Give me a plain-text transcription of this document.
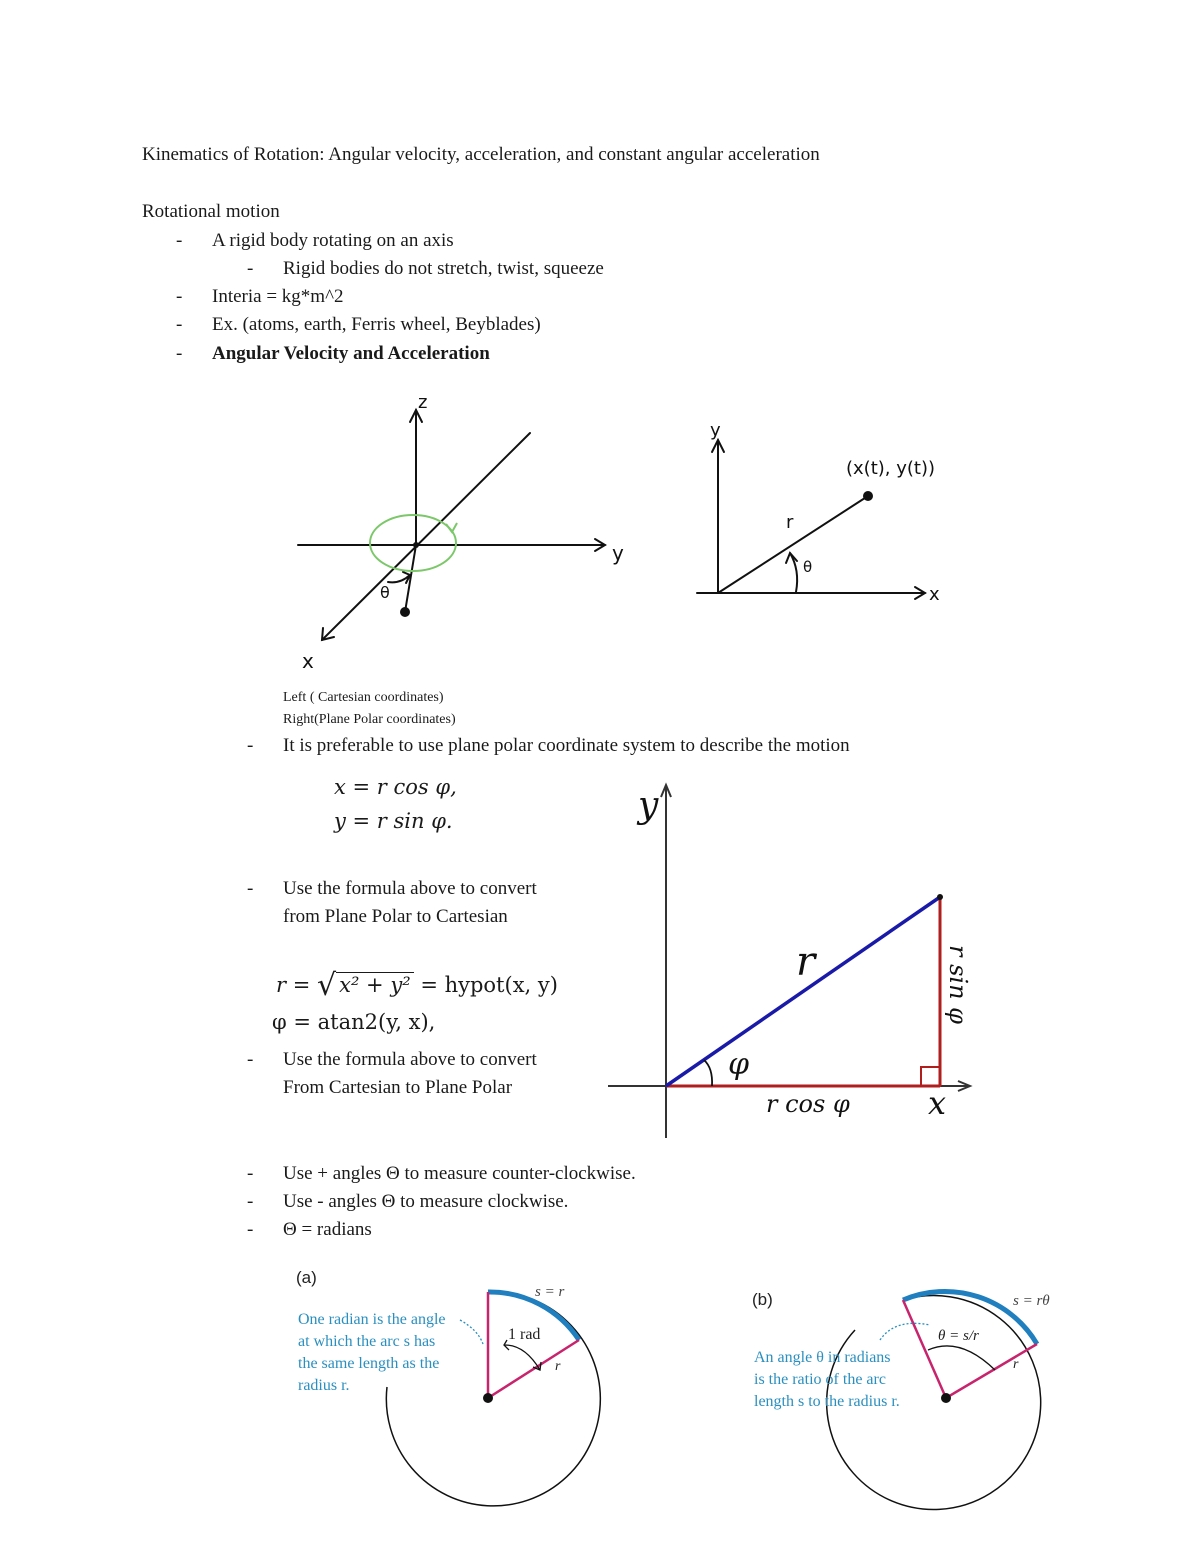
Kinematics of Rotation: Angular velocity, acceleration, and constant angular acceleration
Rotational motion
- A rigid body rotating on an axis
- Rigid bodies do not stretch, twist, squeeze
- Interia = kg*m^2
- Ex. (atoms, earth, Ferris wheel, Beyblades)
- Angular Velocity and Acceleration
z
y
x
θ
y
x
(x(t), y(t))
r
θ
Left ( Cartesian coordinates)
Right(Plane Polar coordinates)
- It is preferable to use plane polar coordinate system to describe the motion
x = r cos φ,
y = r sin φ.
- Use the formula above to convert
from Plane Polar to Cartesian
r = √ x² + y² = hypot(x, y)
φ = atan2(y, x),
- Use the formula above to convert
From Cartesian to Plane Polar
y
x
r
φ
r cos φ
r sin φ
- Use + angles Θ to measure counter-clockwise.
- Use - angles Θ to measure clockwise.
- Θ = radians
(a)
s = r
1 rad
r
One radian is the angle
at which the arc s has
the same length as the
radius r.
(b)	s = rθ
θ = s/r
r
An angle θ in radians
is the ratio of the arc
length s to the radius r.
